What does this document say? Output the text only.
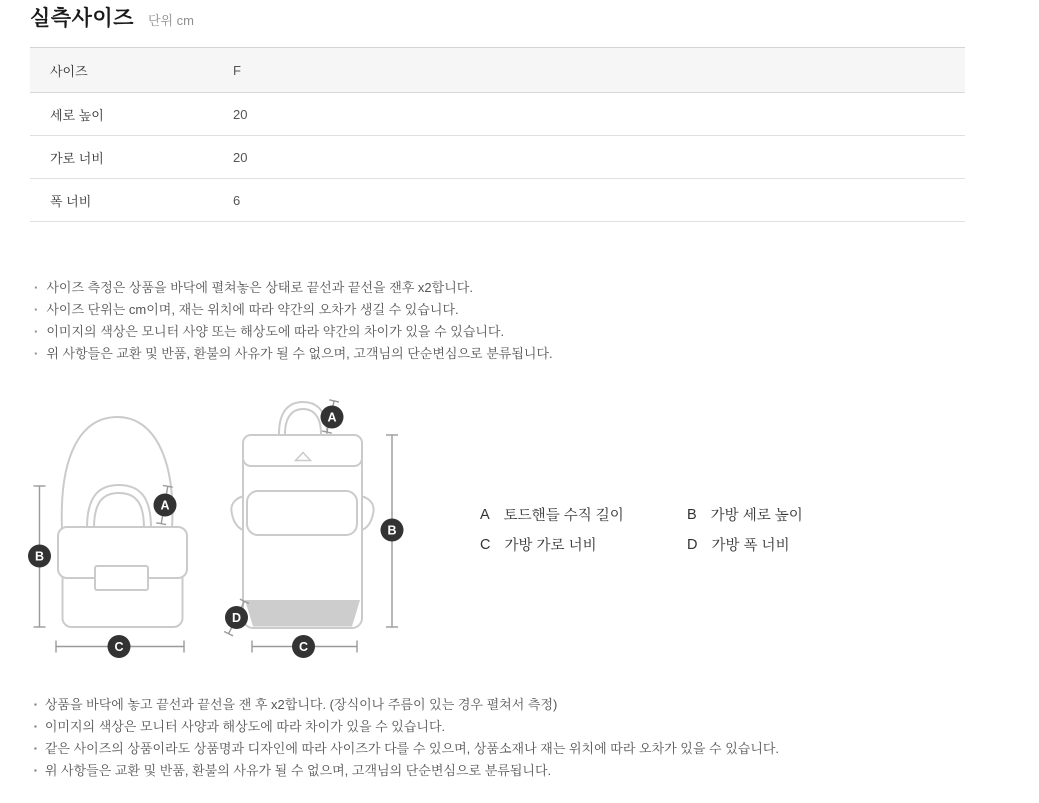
실측사이즈 단위 cm
사이즈	F
세로 높이	20
가로 너비	20
폭 너비	6
· 사이즈 측정은 상품을 바닥에 펼쳐놓은 상태로 끝선과 끝선을 잰후 x2합니다.
· 사이즈 단위는 cm이며, 재는 위치에 따라 약간의 오차가 생길 수 있습니다.
· 이미지의 색상은 모니터 사양 또는 해상도에 따라 약간의 차이가 있을 수 있습니다.
· 위 사항들은 교환 및 반품, 환불의 사유가 될 수 없으며, 고객님의 단순변심으로 분류됩니다.
A
B
C
A
B
C
D
A 토드핸들 수직 길이	B 가방 세로 높이
C 가방 가로 너비	D 가방 폭 너비
▪ 상품을 바닥에 놓고 끝선과 끝선을 잰 후 x2합니다. (장식이나 주름이 있는 경우 펼쳐서 측정)
▪ 이미지의 색상은 모니터 사양과 해상도에 따라 차이가 있을 수 있습니다.
▪ 같은 사이즈의 상품이라도 상품명과 디자인에 따라 사이즈가 다를 수 있으며, 상품소재나 재는 위치에 따라 오차가 있을 수 있습니다.
▪ 위 사항들은 교환 및 반품, 환불의 사유가 될 수 없으며, 고객님의 단순변심으로 분류됩니다.
